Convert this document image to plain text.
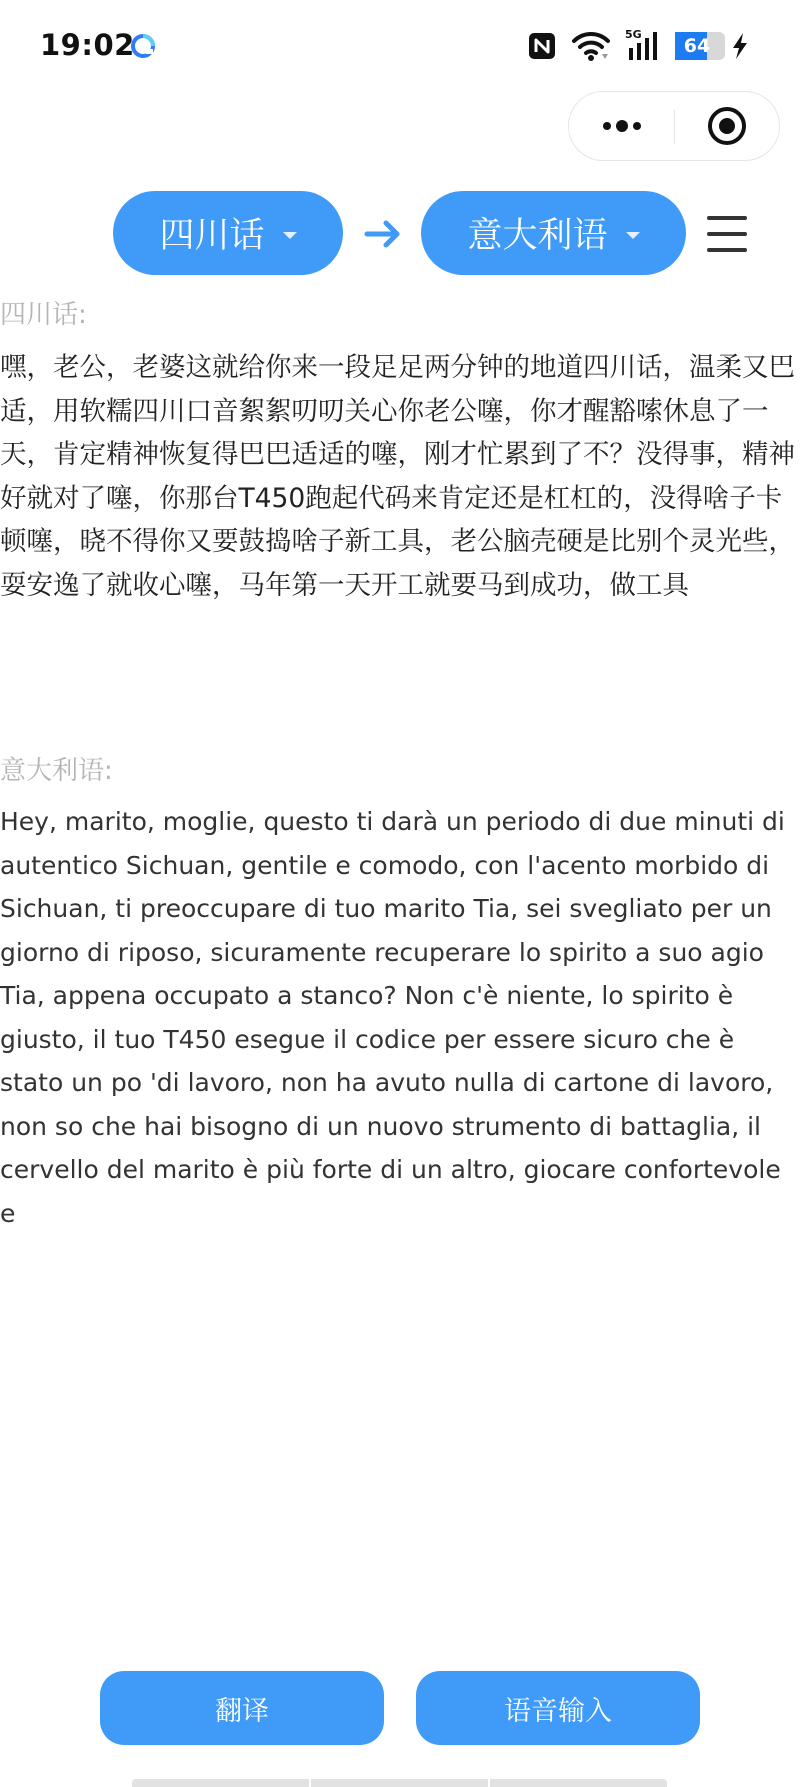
19:02	5G
64
四川话	意大利语
四川话:

嘿，老公，老婆这就给你来一段足足两分钟的地道四川话，温柔又巴适，用软糯四川口音絮絮叨叨关心你老公噻，你才醒豁嗦休息了一天，肯定精神恢复得巴巴适适的噻，刚才忙累到了不？没得事，精神好就对了噻，你那台T450跑起代码来肯定还是杠杠的，没得啥子卡顿噻，晓不得你又要鼓捣啥子新工具，老公脑壳硬是比别个灵光些，耍安逸了就收心噻，马年第一天开工就要马到成功，做工具

意大利语:

Hey, marito, moglie, questo ti darà un periodo di due minuti di autentico Sichuan, gentile e comodo, con l'acento morbido di Sichuan, ti preoccupare di tuo marito Tia, sei svegliato per un giorno di riposo, sicuramente recuperare lo spirito a suo agio Tia, appena occupato a stanco? Non c'è niente, lo spirito è giusto, il tuo T450 esegue il codice per essere sicuro che è stato un po 'di lavoro, non ha avuto nulla di cartone di lavoro, non so che hai bisogno di un nuovo strumento di battaglia, il cervello del marito è più forte di un altro, giocare confortevole e

翻译	语音输入
